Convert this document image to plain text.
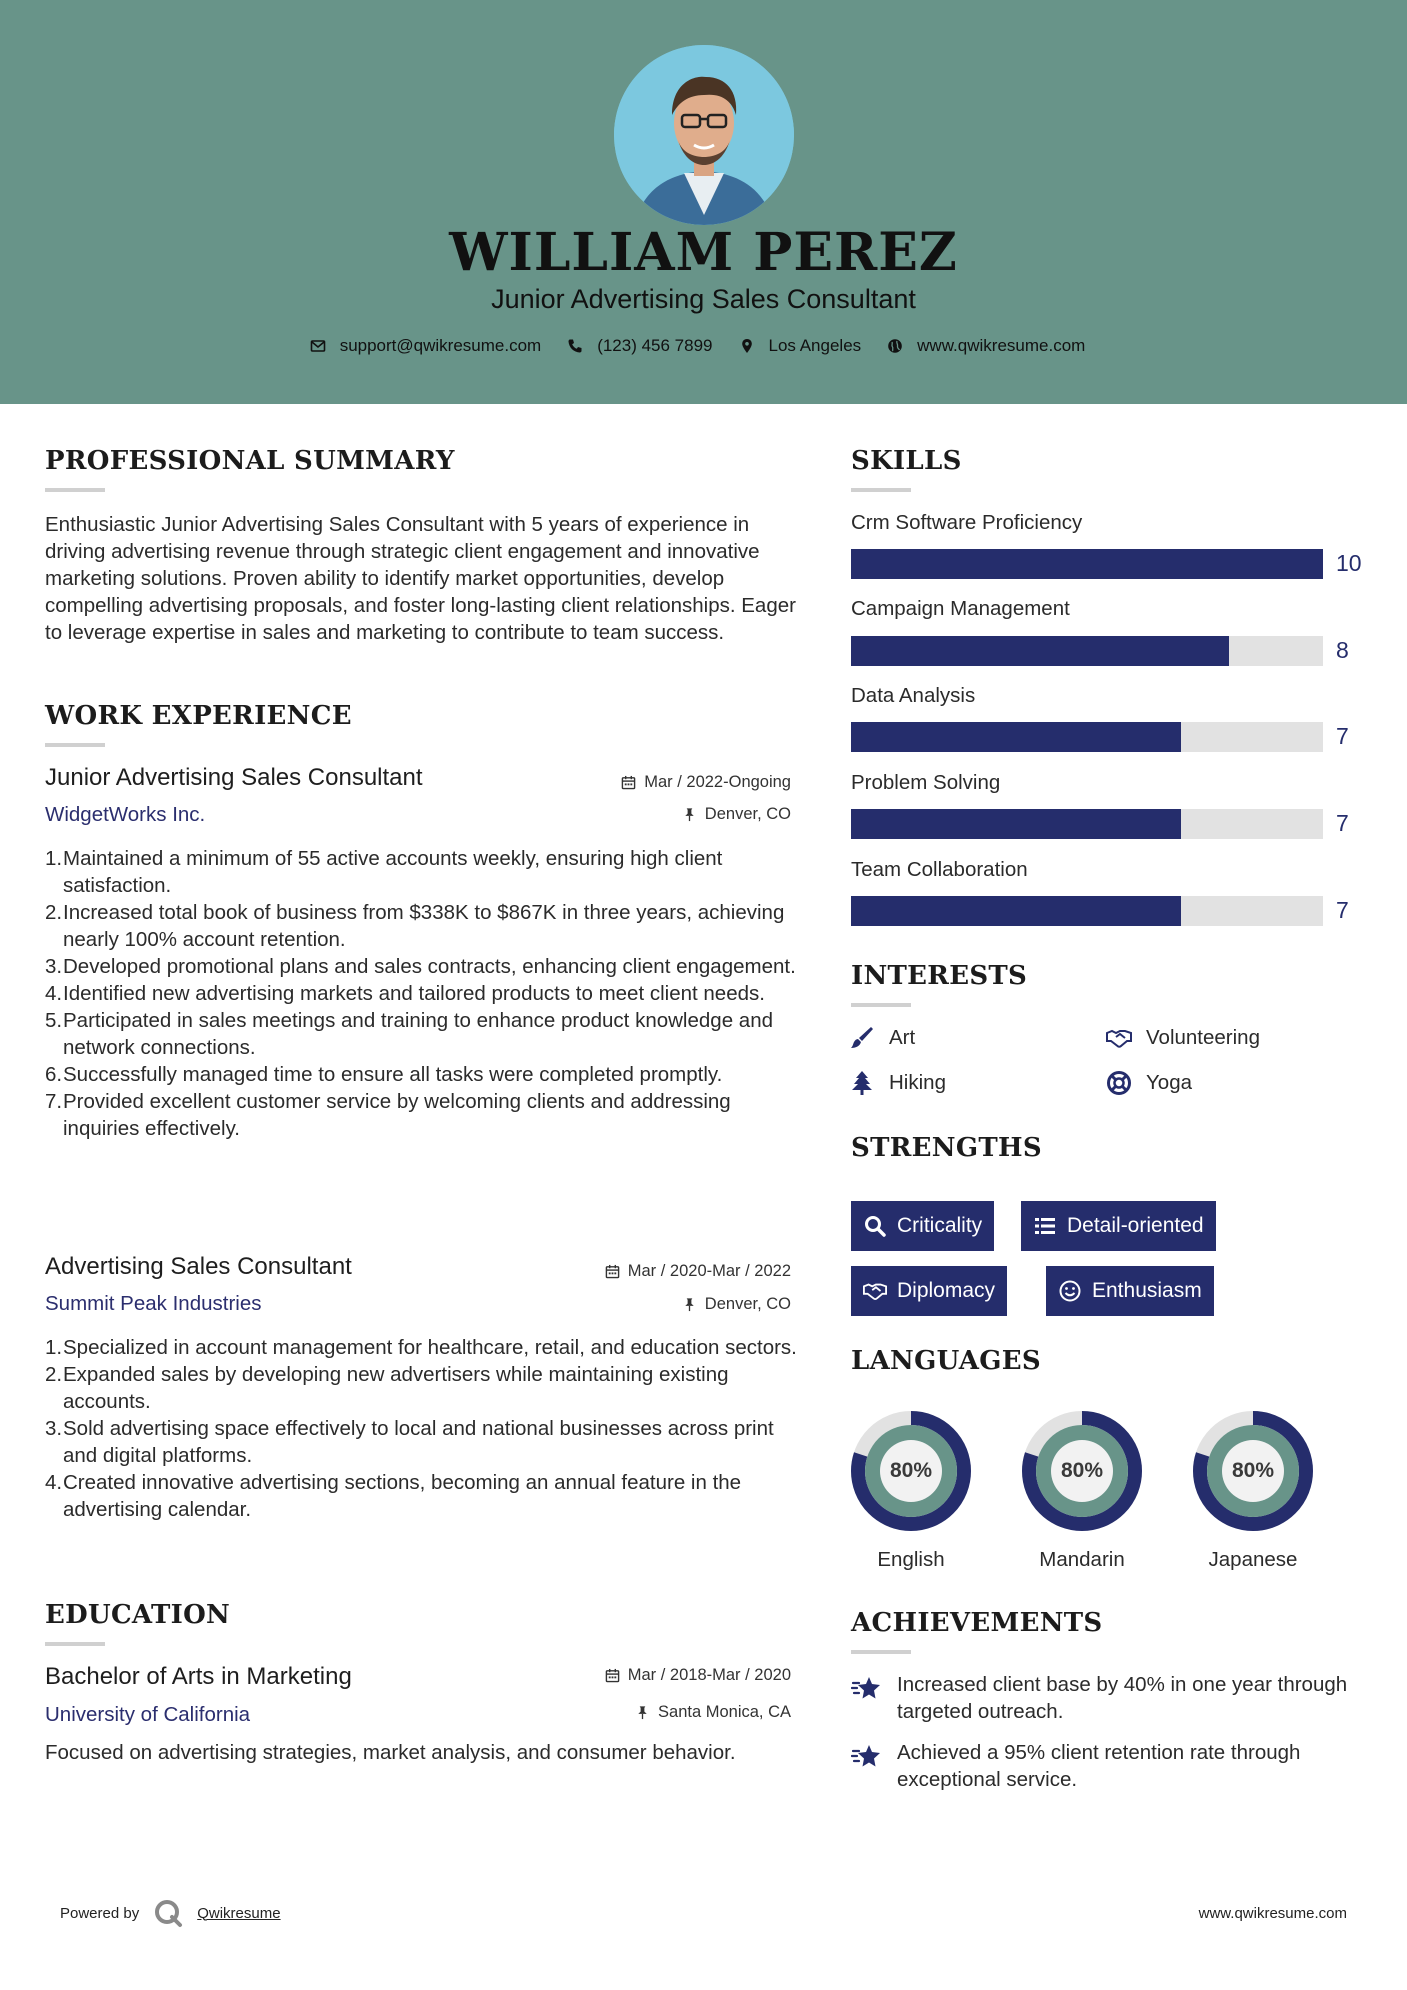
WILLIAM PEREZ
Junior Advertising Sales Consultant
support@qwikresume.com	(123) 456 7899	Los Angeles	www.qwikresume.com
PROFESSIONAL SUMMARY
Enthusiastic Junior Advertising Sales Consultant with 5 years of experience in driving advertising revenue through strategic client engagement and innovative marketing solutions. Proven ability to identify market opportunities, develop compelling advertising proposals, and foster long-lasting client relationships. Eager to leverage expertise in sales and marketing to contribute to team success.
WORK EXPERIENCE
Junior Advertising Sales Consultant	Mar / 2022-Ongoing
WidgetWorks Inc.	Denver, CO
1. Maintained a minimum of 55 active accounts weekly, ensuring high client satisfaction.
2. Increased total book of business from $338K to $867K in three years, achieving nearly 100% account retention.
3. Developed promotional plans and sales contracts, enhancing client engagement.
4. Identified new advertising markets and tailored products to meet client needs.
5. Participated in sales meetings and training to enhance product knowledge and network connections.
6. Successfully managed time to ensure all tasks were completed promptly.
7. Provided excellent customer service by welcoming clients and addressing inquiries effectively.
Advertising Sales Consultant	Mar / 2020-Mar / 2022
Summit Peak Industries	Denver, CO
1. Specialized in account management for healthcare, retail, and education sectors.
2. Expanded sales by developing new advertisers while maintaining existing accounts.
3. Sold advertising space effectively to local and national businesses across print and digital platforms.
4. Created innovative advertising sections, becoming an annual feature in the advertising calendar.
EDUCATION
Bachelor of Arts in Marketing	Mar / 2018-Mar / 2020
University of California	Santa Monica, CA
Focused on advertising strategies, market analysis, and consumer behavior.
SKILLS
Crm Software Proficiency
10
Campaign Management
8
Data Analysis
7
Problem Solving
7
Team Collaboration
7
INTERESTS
Art	Volunteering
Hiking	Yoga
STRENGTHS
Criticality	Detail-oriented
Diplomacy	Enthusiasm
LANGUAGES
80%
English
80%
Mandarin
80%
Japanese
ACHIEVEMENTS
Increased client base by 40% in one year through targeted outreach.
Achieved a 95% client retention rate through exceptional service.
Powered by	Qwikresume	www.qwikresume.com
